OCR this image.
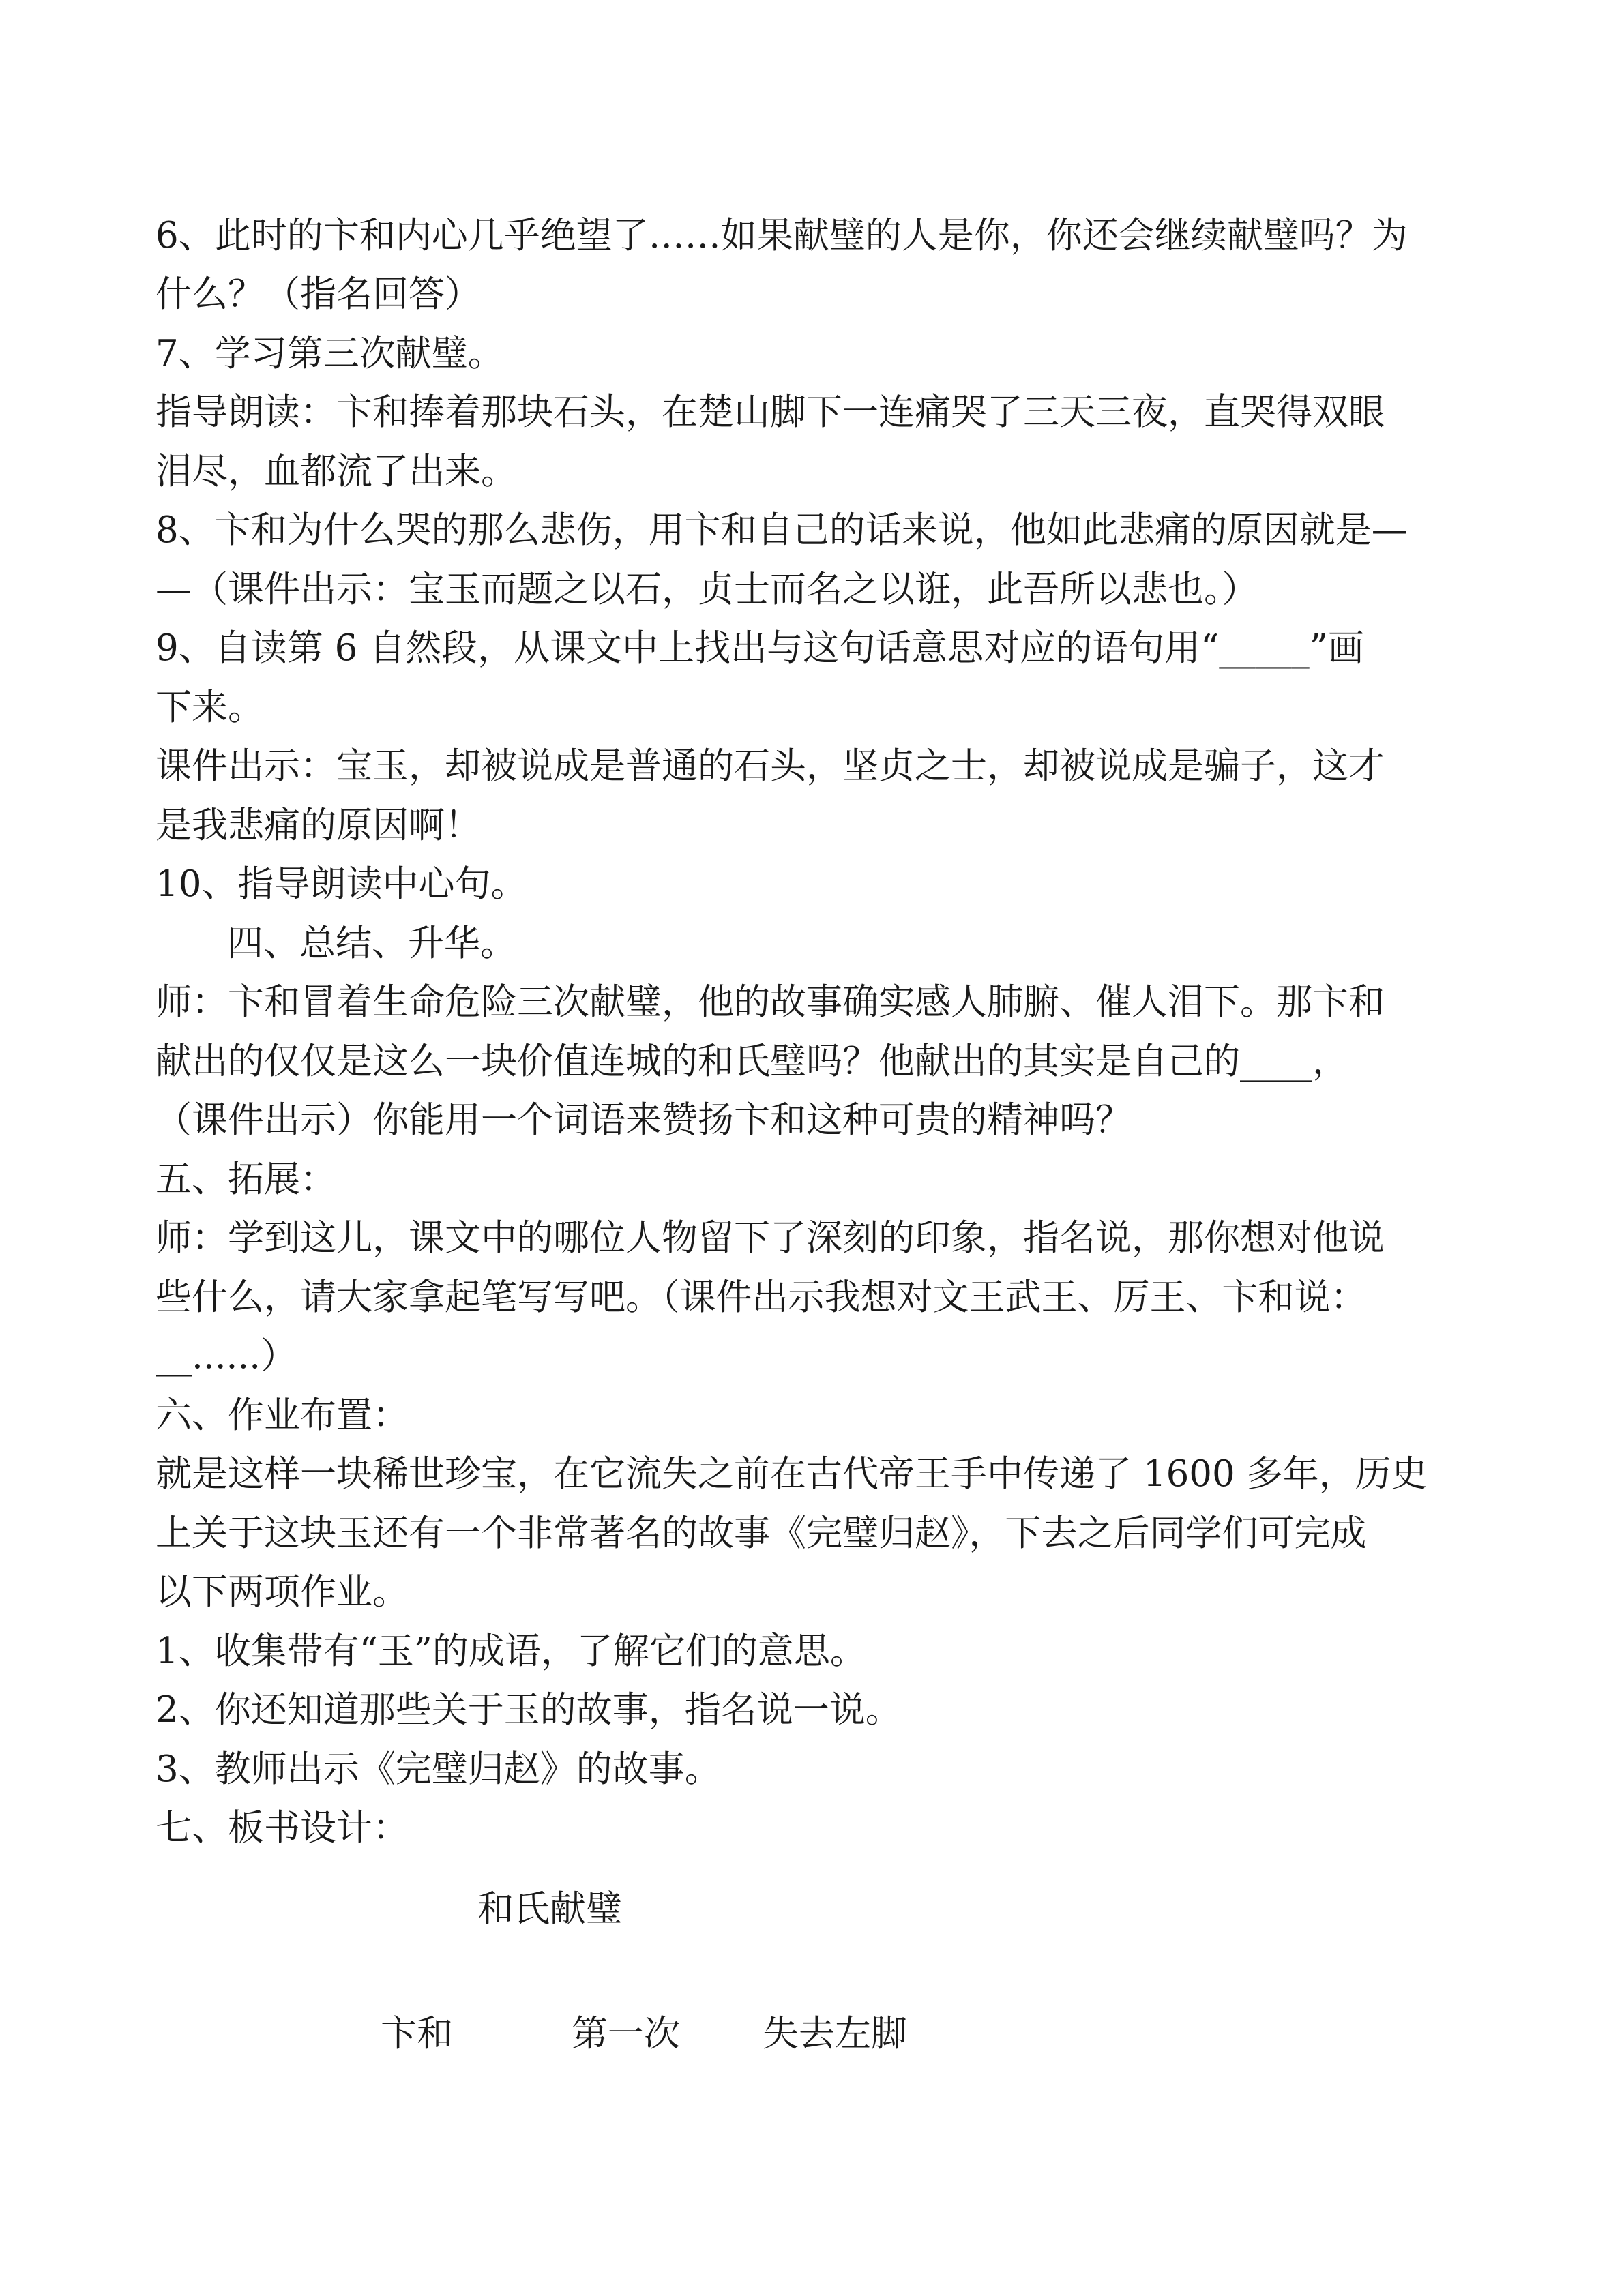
6、此时的卞和内心几乎绝望了……如果献璧的人是你，你还会继续献璧吗？为
什么？（指名回答）
7、学习第三次献璧。
指导朗读：卞和捧着那块石头，在楚山脚下一连痛哭了三天三夜，直哭得双眼
泪尽，血都流了出来。
8、卞和为什么哭的那么悲伤，用卞和自己的话来说，他如此悲痛的原因就是—
—（课件出示：宝玉而题之以石，贞士而名之以诳，此吾所以悲也。）
9、自读第 6 自然段，从课文中上找出与这句话意思对应的语句用“_____”画
下来。
课件出示：宝玉，却被说成是普通的石头，坚贞之士，却被说成是骗子，这才
是我悲痛的原因啊！
10、指导朗读中心句。
四、总结、升华。
师：卞和冒着生命危险三次献璧，他的故事确实感人肺腑、催人泪下。那卞和
献出的仅仅是这么一块价值连城的和氏璧吗？他献出的其实是自己的____，
（课件出示）你能用一个词语来赞扬卞和这种可贵的精神吗？
五、拓展：
师：学到这儿，课文中的哪位人物留下了深刻的印象，指名说，那你想对他说
些什么，请大家拿起笔写写吧。（课件出示我想对文王武王、厉王、卞和说：
__......）
六、作业布置：
就是这样一块稀世珍宝，在它流失之前在古代帝王手中传递了 1600 多年，历史
上关于这块玉还有一个非常著名的故事《完璧归赵》，下去之后同学们可完成
以下两项作业。
1、收集带有“玉”的成语，了解它们的意思。
2、你还知道那些关于玉的故事，指名说一说。
3、教师出示《完璧归赵》的故事。
七、板书设计：
和氏献璧
卞和	第一次 失去左脚
